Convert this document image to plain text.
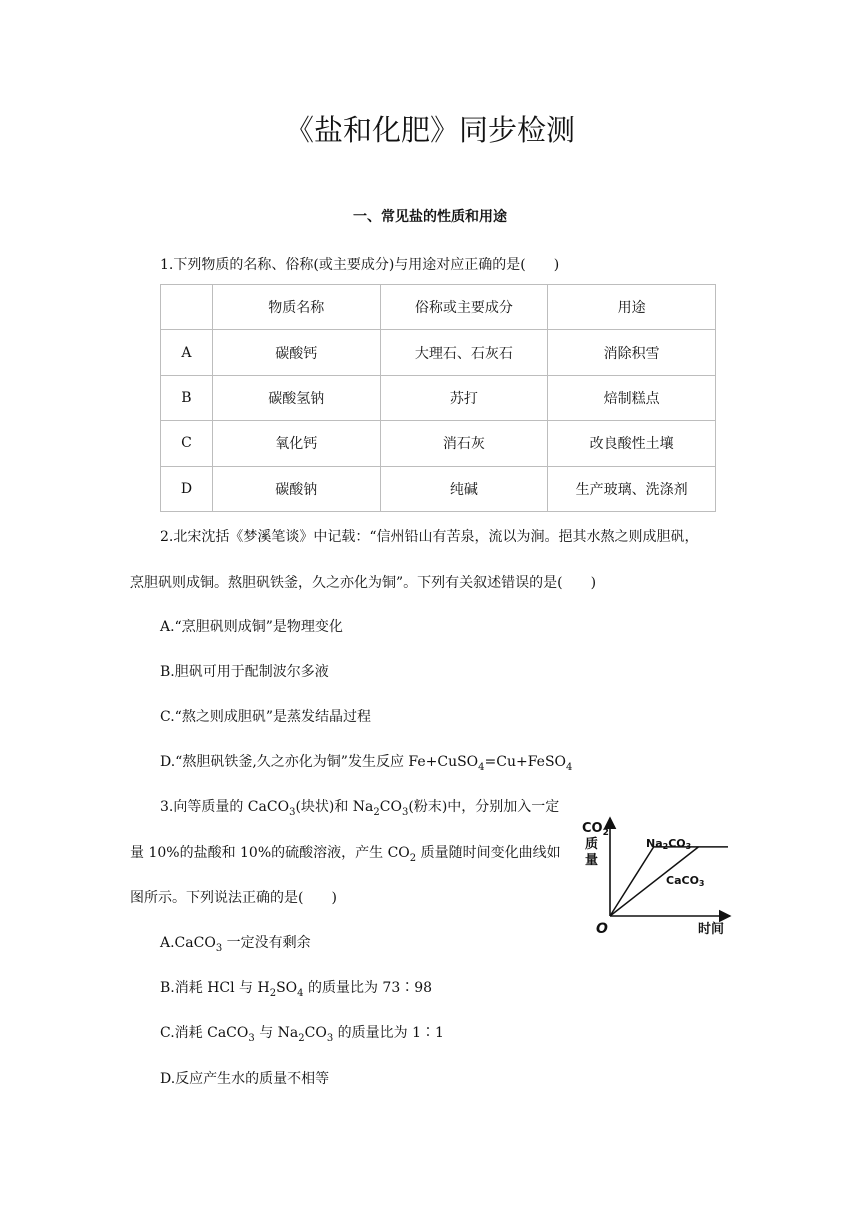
《盐和化肥》同步检测
一、常见盐的性质和用途
1.下列物质的名称、俗称(或主要成分)与用途对应正确的是(　　)
	物质名称	俗称或主要成分	用途
A	碳酸钙	大理石、石灰石	消除积雪
B	碳酸氢钠	苏打	焙制糕点
C	氧化钙	消石灰	改良酸性土壤
D	碳酸钠	纯碱	生产玻璃、洗涤剂
2.北宋沈括《梦溪笔谈》中记载：“信州铅山有苦泉，流以为涧。挹其水熬之则成胆矾，
烹胆矾则成铜。熬胆矾铁釜，久之亦化为铜”。下列有关叙述错误的是(　　)
A.“烹胆矾则成铜”是物理变化
B.胆矾可用于配制波尔多液
C.“熬之则成胆矾”是蒸发结晶过程
D.“熬胆矾铁釜,久之亦化为铜”发生反应 Fe+CuSO$_4$=Cu+FeSO$_4$
3.向等质量的 CaCO$_3$(块状)和 $Na_2CO_3$(粉末)中，分别加入一定
量 10%的盐酸和 10%的硫酸溶液，产生 $CO_2$ 质量随时间变化曲线如
图所示。下列说法正确的是(　　)
A.CaCO$_3$ 一定没有剩余
B.消耗 HCl 与 $H_2SO_4$ 的质量比为 73∶98
C.消耗 CaCO$_3$ 与 $Na_2CO_3$ 的质量比为 1∶1
D.反应产生水的质量不相等
$CO_2$
质
量
O	时间
Na2CO3
CaCO3
